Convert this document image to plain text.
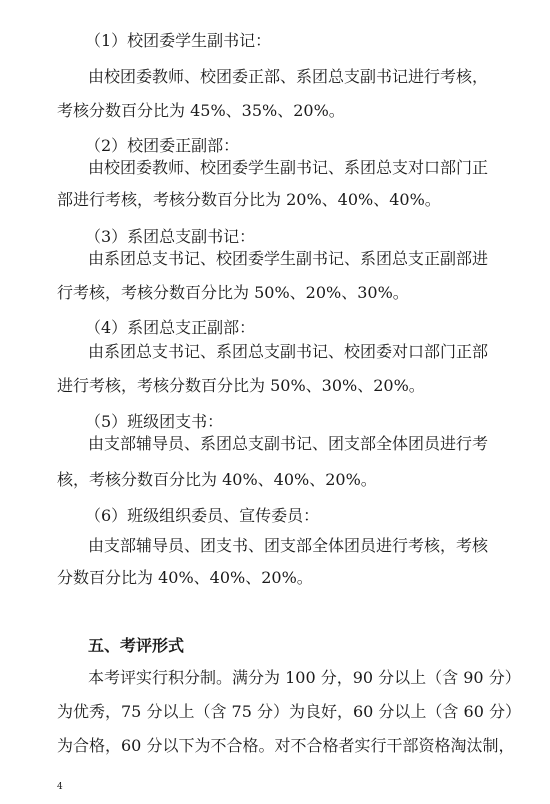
（1）校团委学生副书记：
由校团委教师、校团委正部、系团总支副书记进行考核，
考核分数百分比为 45%、35%、20%。
（2）校团委正副部：
由校团委教师、校团委学生副书记、系团总支对口部门正
部进行考核，考核分数百分比为 20%、40%、40%。
（3）系团总支副书记：
由系团总支书记、校团委学生副书记、系团总支正副部进
行考核，考核分数百分比为 50%、20%、30%。
（4）系团总支正副部：
由系团总支书记、系团总支副书记、校团委对口部门正部
进行考核，考核分数百分比为 50%、30%、20%。
（5）班级团支书：
由支部辅导员、系团总支副书记、团支部全体团员进行考
核，考核分数百分比为 40%、40%、20%。
（6）班级组织委员、宣传委员：
由支部辅导员、团支书、团支部全体团员进行考核，考核
分数百分比为 40%、40%、20%。
五、考评形式
本考评实行积分制。满分为 100 分，90 分以上（含 90 分）
为优秀，75 分以上（含 75 分）为良好，60 分以上（含 60 分）
为合格，60 分以下为不合格。对不合格者实行干部资格淘汰制，
4
